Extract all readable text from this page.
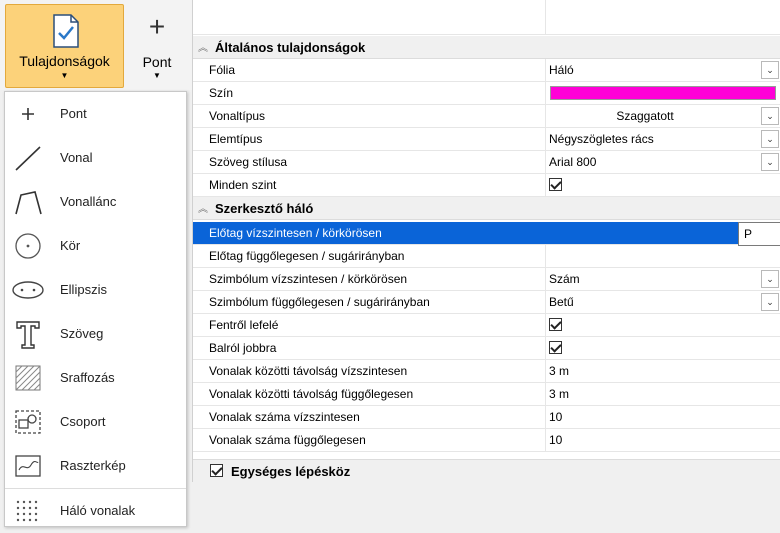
Tulajdonságok
▼
+
Pont
▼
Pont
Vonal
Vonallánc
Kör
Ellipszis
Szöveg
Sraffozás
Csoport
Raszterkép
Háló vonalak
︽ Általános tulajdonságok
Fólia	Háló	⌄
Szín
Vonaltípus	Szaggatott	⌄
Elemtípus	Négyszögletes rács	⌄
Szöveg stílusa	Arial 800	⌄
Minden szint
︽ Szerkesztő háló
Előtag vízszintesen / körkörösen	P
Előtag függőlegesen / sugárirányban
Szimbólum vízszintesen / körkörösen	Szám	⌄
Szimbólum függőlegesen / sugárirányban	Betű	⌄
Fentről lefelé
Balról jobbra
Vonalak közötti távolság vízszintesen	3 m
Vonalak közötti távolság függőlegesen	3 m
Vonalak száma vízszintesen	10
Vonalak száma függőlegesen	10
Egységes lépésköz
